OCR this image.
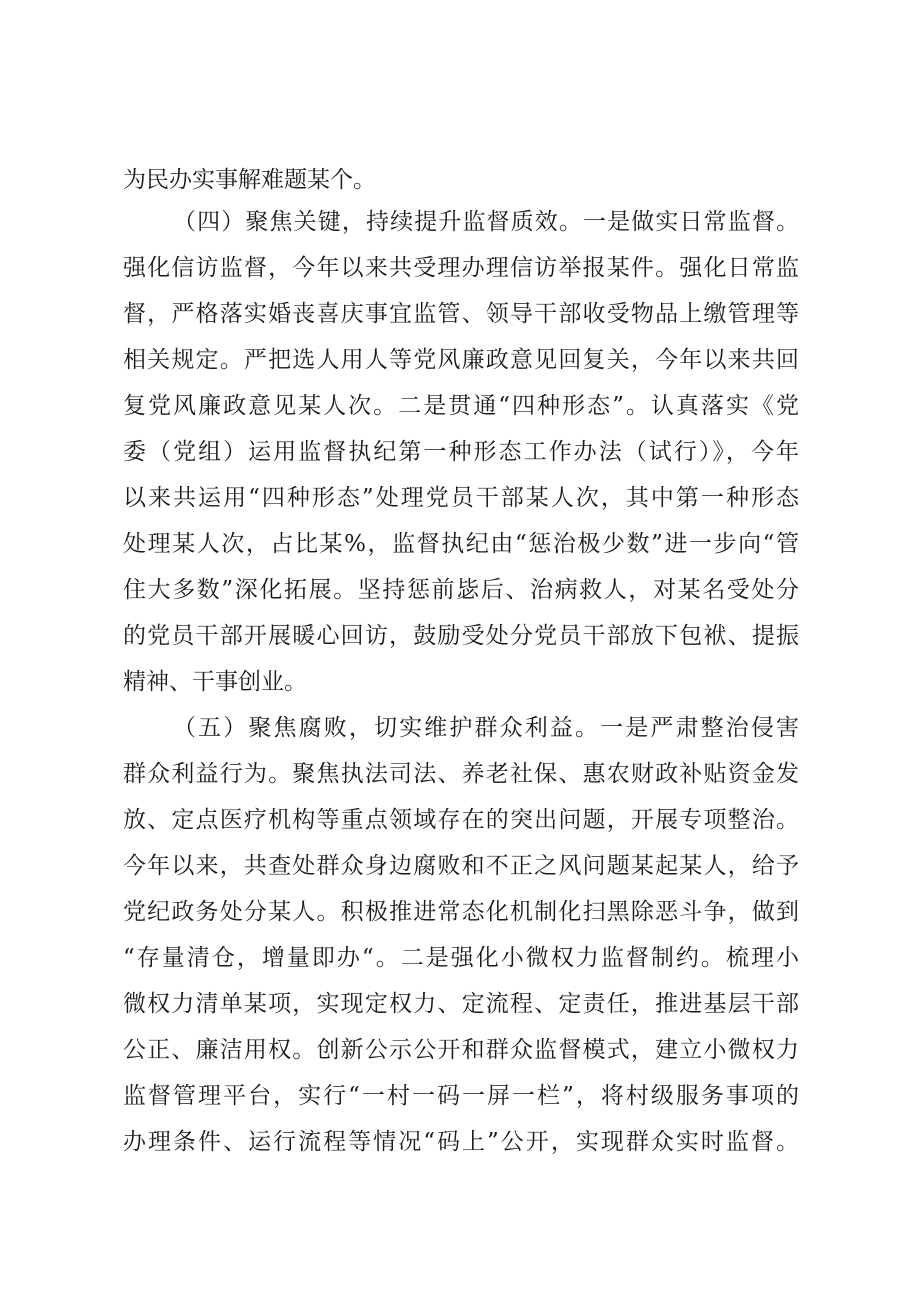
为民办实事解难题某个。
（四）聚焦关键，持续提升监督质效。一是做实日常监督。
强化信访监督，今年以来共受理办理信访举报某件。强化日常监
督，严格落实婚丧喜庆事宜监管、领导干部收受物品上缴管理等
相关规定。严把选人用人等党风廉政意见回复关，今年以来共回
复党风廉政意见某人次。二是贯通“四种形态”。认真落实《党
委（党组）运用监督执纪第一种形态工作办法（试行）》，今年
以来共运用“四种形态”处理党员干部某人次，其中第一种形态
处理某人次，占比某%，监督执纪由“惩治极少数”进一步向“管
住大多数”深化拓展。坚持惩前毖后、治病救人，对某名受处分
的党员干部开展暖心回访，鼓励受处分党员干部放下包袱、提振
精神、干事创业。
（五）聚焦腐败，切实维护群众利益。一是严肃整治侵害
群众利益行为。聚焦执法司法、养老社保、惠农财政补贴资金发
放、定点医疗机构等重点领域存在的突出问题，开展专项整治。
今年以来，共查处群众身边腐败和不正之风问题某起某人，给予
党纪政务处分某人。积极推进常态化机制化扫黑除恶斗争，做到
“存量清仓，增量即办“。二是强化小微权力监督制约。梳理小
微权力清单某项，实现定权力、定流程、定责任，推进基层干部
公正、廉洁用权。创新公示公开和群众监督模式，建立小微权力
监督管理平台，实行“一村一码一屏一栏”，将村级服务事项的
办理条件、运行流程等情况“码上”公开，实现群众实时监督。
